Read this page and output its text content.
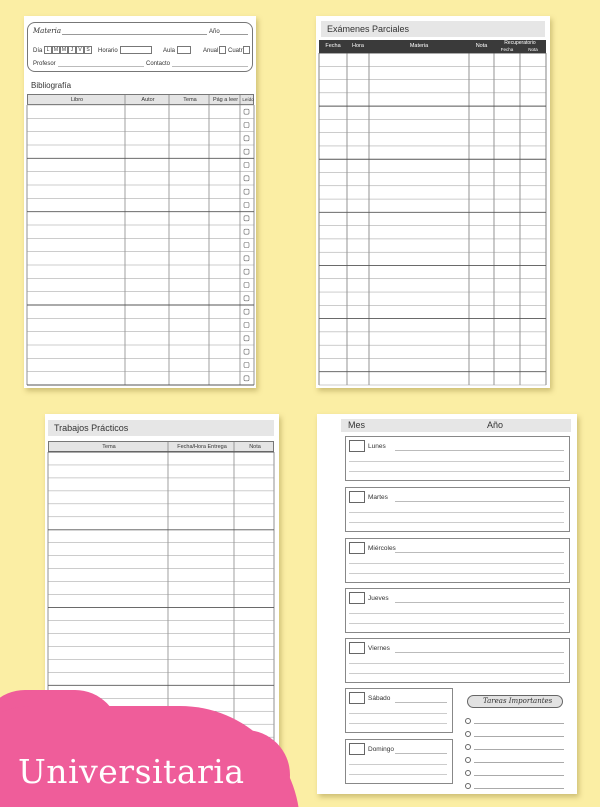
Materia	Año
Día L M M J	V S	Horario	Aula	Anual Cuatr
Profesor	Contacto
Bibliografía
Libro	Autor	Tema	Pág a leer Leído
Exámenes Parciales
Fecha	Hora	Materia	Nota	Recuperatorio
Fecha	Nota
Trabajos Prácticos
Tema	Fecha/Hora Entrega	Nota
Mes	Año
Tareas Importantes
Lunes
Martes
Miércoles
Jueves
Viernes
Sábado
Domingo
Universitaria
